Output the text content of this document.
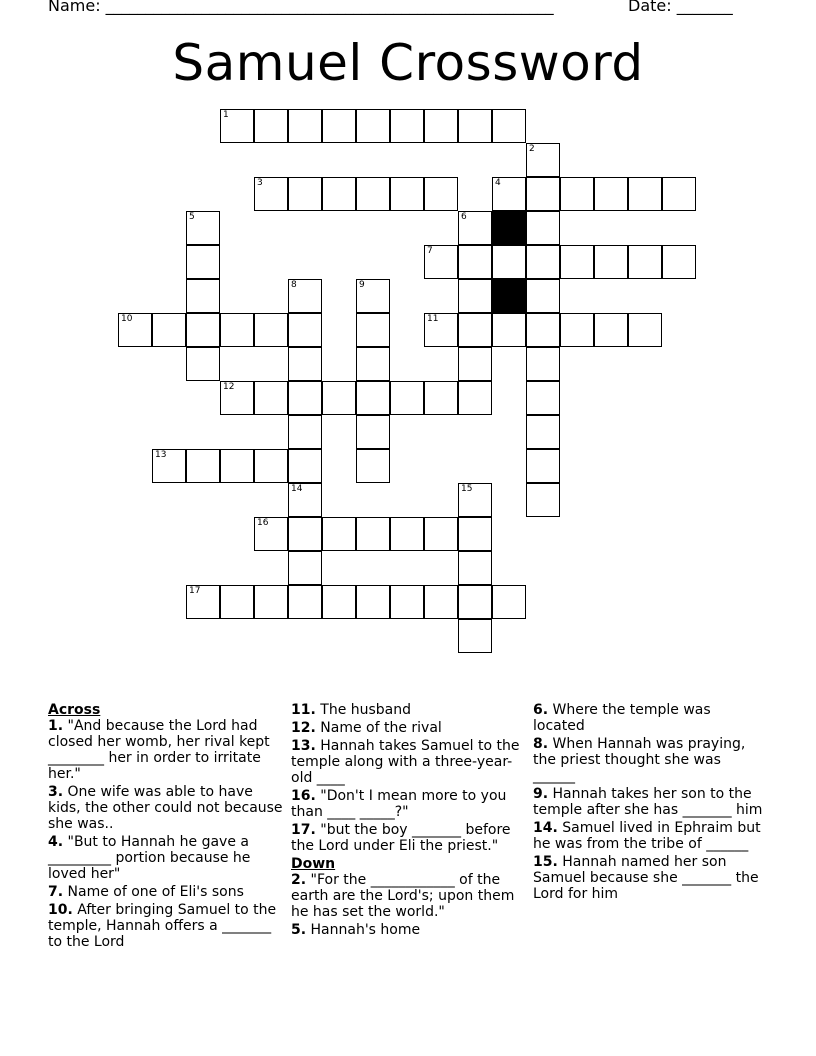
Name: ________________________________________________________	Date: _______
Samuel Crossword
1
3	4
7
10	11
12
13
16
17
2
5	6
8	9
14	15
Across
1. "And because the Lord had closed her womb, her rival kept ________ her in order to irritate her."
3. One wife was able to have kids, the other could not because she was..
4. "But to Hannah he gave a _________ portion because he loved her"
7. Name of one of Eli's sons
10. After bringing Samuel to the temple, Hannah offers a _______ to the Lord
11. The husband
12. Name of the rival
13. Hannah takes Samuel to the temple along with a three-year-old ____
16. "Don't I mean more to you than ____ _____?"
17. "but the boy _______ before the Lord under Eli the priest."
Down
2. "For the ____________ of the earth are the Lord's; upon them he has set the world."
5. Hannah's home
6. Where the temple was located
8. When Hannah was praying, the priest thought she was ______
9. Hannah takes her son to the temple after she has _______ him
14. Samuel lived in Ephraim but he was from the tribe of ______
15. Hannah named her son Samuel because she _______ the Lord for him
